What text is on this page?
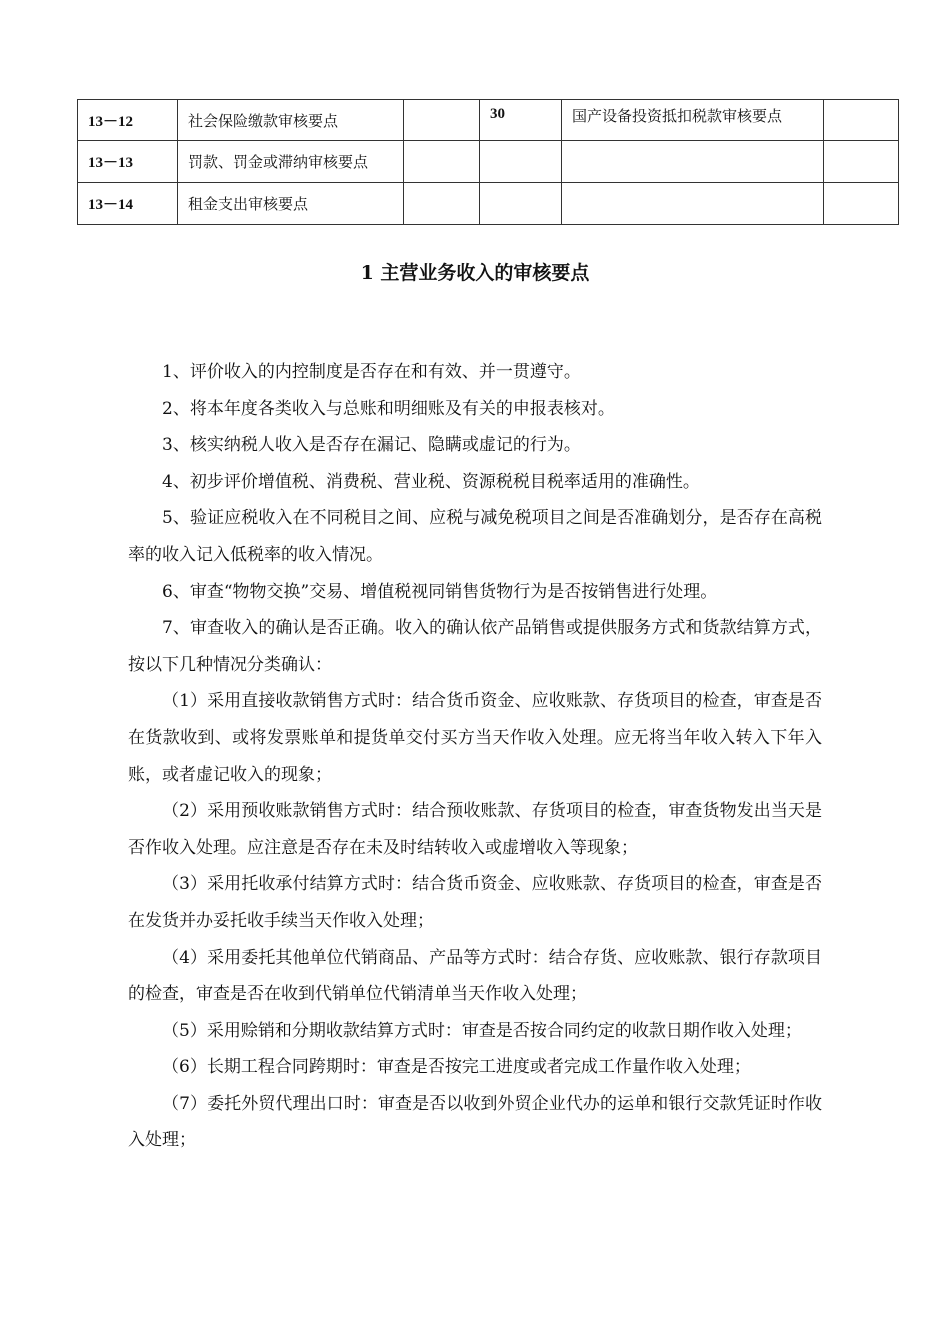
13－12	社会保险缴款审核要点		30	国产设备投资抵扣税款审核要点	
13－13	罚款、罚金或滞纳审核要点				
13－14	租金支出审核要点				
1 主营业务收入的审核要点

1、评价收入的内控制度是否存在和有效、并一贯遵守。

2、将本年度各类收入与总账和明细账及有关的申报表核对。

3、核实纳税人收入是否存在漏记、隐瞒或虚记的行为。

4、初步评价增值税、消费税、营业税、资源税税目税率适用的准确性。

5、验证应税收入在不同税目之间、应税与减免税项目之间是否准确划分，是否存在高税率的收入记入低税率的收入情况。

6、审查“物物交换”交易、增值税视同销售货物行为是否按销售进行处理。

7、审查收入的确认是否正确。收入的确认依产品销售或提供服务方式和货款结算方式，按以下几种情况分类确认：

（1）采用直接收款销售方式时：结合货币资金、应收账款、存货项目的检查，审查是否在货款收到、或将发票账单和提货单交付买方当天作收入处理。应无将当年收入转入下年入账，或者虚记收入的现象；

（2）采用预收账款销售方式时：结合预收账款、存货项目的检查，审查货物发出当天是否作收入处理。应注意是否存在未及时结转收入或虚增收入等现象；

（3）采用托收承付结算方式时：结合货币资金、应收账款、存货项目的检查，审查是否在发货并办妥托收手续当天作收入处理；

（4）采用委托其他单位代销商品、产品等方式时：结合存货、应收账款、银行存款项目的检查，审查是否在收到代销单位代销清单当天作收入处理；

（5）采用赊销和分期收款结算方式时：审查是否按合同约定的收款日期作收入处理；

（6）长期工程合同跨期时：审查是否按完工进度或者完成工作量作收入处理；

（7）委托外贸代理出口时：审查是否以收到外贸企业代办的运单和银行交款凭证时作收入处理；
